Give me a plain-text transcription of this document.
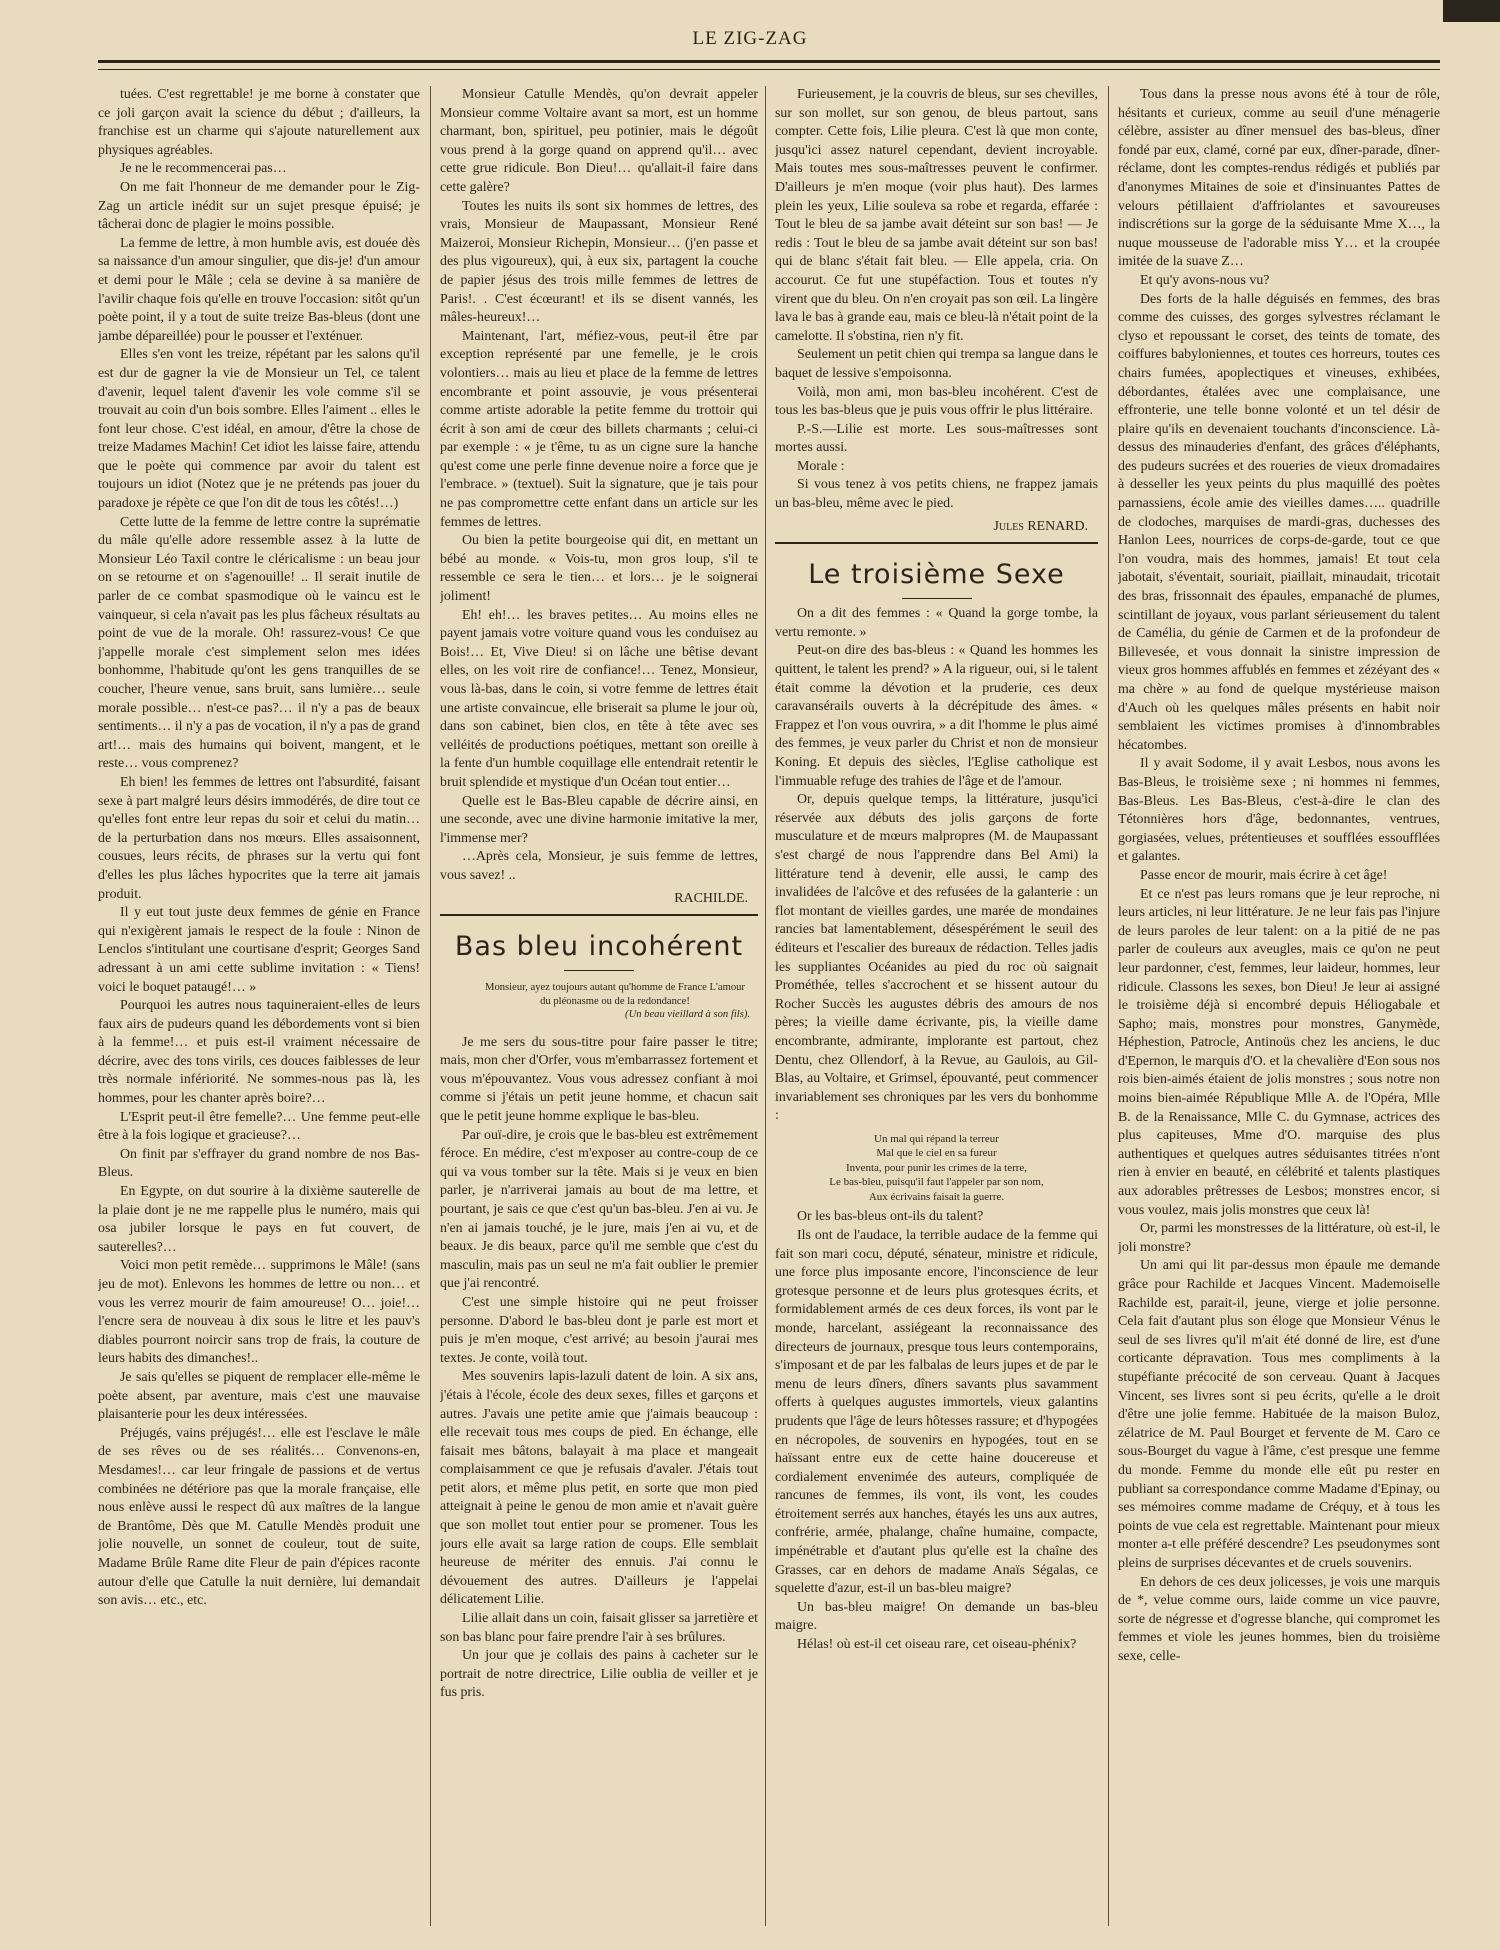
LE ZIG-ZAG

tuées. C'est regrettable! je me borne à constater que ce joli garçon avait la science du début ; d'ailleurs, la franchise est un charme qui s'ajoute naturellement aux physiques agréables.

Je ne le recommencerai pas…

On me fait l'honneur de me demander pour le Zig-Zag un article inédit sur un sujet presque épuisé; je tâcherai donc de plagier le moins possible.

La femme de lettre, à mon humble avis, est douée dès sa naissance d'un amour singulier, que dis-je! d'un amour et demi pour le Mâle ; cela se devine à sa manière de l'avilir chaque fois qu'elle en trouve l'occasion: sitôt qu'un poète point, il y a tout de suite treize Bas-bleus (dont une jambe dépareillée) pour le pousser et l'exténuer.

Elles s'en vont les treize, répétant par les salons qu'il est dur de gagner la vie de Monsieur un Tel, ce talent d'avenir, lequel talent d'avenir les vole comme s'il se trouvait au coin d'un bois sombre. Elles l'aiment .. elles le font leur chose. C'est idéal, en amour, d'être la chose de treize Madames Machin! Cet idiot les laisse faire, attendu que le poète qui commence par avoir du talent est toujours un idiot (Notez que je ne prétends pas jouer du paradoxe je répète ce que l'on dit de tous les côtés!…)

Cette lutte de la femme de lettre contre la suprématie du mâle qu'elle adore ressemble assez à la lutte de Monsieur Léo Taxil contre le cléricalisme : un beau jour on se retourne et on s'agenouille! .. Il serait inutile de parler de ce combat spasmodique où le vaincu est le vainqueur, si cela n'avait pas les plus fâcheux résultats au point de vue de la morale. Oh! rassurez-vous! Ce que j'appelle morale c'est simplement selon mes idées bonhomme, l'habitude qu'ont les gens tranquilles de se coucher, l'heure venue, sans bruit, sans lumière… seule morale possible… n'est-ce pas?… il n'y a pas de beaux sentiments… il n'y a pas de vocation, il n'y a pas de grand art!… mais des humains qui boivent, mangent, et le reste… vous comprenez?

Eh bien! les femmes de lettres ont l'absurdité, faisant sexe à part malgré leurs désirs immodérés, de dire tout ce qu'elles font entre leur repas du soir et celui du matin… de la perturbation dans nos mœurs. Elles assaisonnent, cousues, leurs récits, de phrases sur la vertu qui font d'elles les plus lâches hypocrites que la terre ait jamais produit.

Il y eut tout juste deux femmes de génie en France qui n'exigèrent jamais le respect de la foule : Ninon de Lenclos s'intitulant une courtisane d'esprit; Georges Sand adressant à un ami cette sublime invitation : « Tiens! voici le boquet pataugé!… »

Pourquoi les autres nous taquineraient-elles de leurs faux airs de pudeurs quand les débordements vont si bien à la femme!… et puis est-il vraiment nécessaire de décrire, avec des tons virils, ces douces faiblesses de leur très normale infériorité. Ne sommes-nous pas là, les hommes, pour les chanter après boire?…

L'Esprit peut-il être femelle?… Une femme peut-elle être à la fois logique et gracieuse?…

On finit par s'effrayer du grand nombre de nos Bas-Bleus.

En Egypte, on dut sourire à la dixième sauterelle de la plaie dont je ne me rappelle plus le numéro, mais qui osa jubiler lorsque le pays en fut couvert, de sauterelles?…

Voici mon petit remède… supprimons le Mâle! (sans jeu de mot). Enlevons les hommes de lettre ou non… et vous les verrez mourir de faim amoureuse! O… joie!… l'encre sera de nouveau à dix sous le litre et les pauv's diables pourront noircir sans trop de frais, la couture de leurs habits des dimanches!..

Je sais qu'elles se piquent de remplacer elle-même le poète absent, par aventure, mais c'est une mauvaise plaisanterie pour les deux intéressées.

Préjugés, vains préjugés!… elle est l'esclave le mâle de ses rêves ou de ses réalités… Convenons-en, Mesdames!… car leur fringale de passions et de vertus combinées ne détériore pas que la morale française, elle nous enlève aussi le respect dû aux maîtres de la langue de Brantôme, Dès que M. Catulle Mendès produit une jolie nouvelle, un sonnet de couleur, tout de suite, Madame Brûle Rame dite Fleur de pain d'épices raconte autour d'elle que Catulle la nuit dernière, lui demandait son avis… etc., etc.

Monsieur Catulle Mendès, qu'on devrait appeler Monsieur comme Voltaire avant sa mort, est un homme charmant, bon, spirituel, peu potinier, mais le dégoût vous prend à la gorge quand on apprend qu'il… avec cette grue ridicule. Bon Dieu!… qu'allait-il faire dans cette galère?

Toutes les nuits ils sont six hommes de lettres, des vrais, Monsieur de Maupassant, Monsieur René Maizeroi, Monsieur Richepin, Monsieur… (j'en passe et des plus vigoureux), qui, à eux six, partagent la couche de papier jésus des trois mille femmes de lettres de Paris!. . C'est écœurant! et ils se disent vannés, les mâles-heureux!…

Maintenant, l'art, méfiez-vous, peut-il être par exception représenté par une femelle, je le crois volontiers… mais au lieu et place de la femme de lettres encombrante et point assouvie, je vous présenterai comme artiste adorable la petite femme du trottoir qui écrit à son ami de cœur des billets charmants ; celui-ci par exemple : « je t'ême, tu as un cigne sure la hanche qu'est come une perle finne devenue noire a force que je l'embrace. » (textuel). Suit la signature, que je tais pour ne pas compromettre cette enfant dans un article sur les femmes de lettres.

Ou bien la petite bourgeoise qui dit, en mettant un bébé au monde. « Vois-tu, mon gros loup, s'il te ressemble ce sera le tien… et lors… je le soignerai joliment!

Eh! eh!… les braves petites… Au moins elles ne payent jamais votre voiture quand vous les conduisez au Bois!… Et, Vive Dieu! si on lâche une bêtise devant elles, on les voit rire de confiance!… Tenez, Monsieur, vous là-bas, dans le coin, si votre femme de lettres était une artiste convaincue, elle briserait sa plume le jour où, dans son cabinet, bien clos, en tête à tête avec ses velléités de productions poétiques, mettant son oreille à la fente d'un humble coquillage elle entendrait retentir le bruit splendide et mystique d'un Océan tout entier…

Quelle est le Bas-Bleu capable de décrire ainsi, en une seconde, avec une divine harmonie imitative la mer, l'immense mer?

…Après cela, Monsieur, je suis femme de lettres, vous savez! ..

RACHILDE.

Bas bleu incohérent
Monsieur, ayez toujours autant qu'homme de France L'amour du pléonasme ou de la redondance!
(Un beau vieillard à son fils).

Je me sers du sous-titre pour faire passer le titre; mais, mon cher d'Orfer, vous m'embarrassez fortement et vous m'épouvantez. Vous vous adressez confiant à moi comme si j'étais un petit jeune homme, et chacun sait que le petit jeune homme explique le bas-bleu.

Par ouï-dire, je crois que le bas-bleu est extrêmement féroce. En médire, c'est m'exposer au contre-coup de ce qui va vous tomber sur la tête. Mais si je veux en bien parler, je n'arriverai jamais au bout de ma lettre, et pourtant, je sais ce que c'est qu'un bas-bleu. J'en ai vu. Je n'en ai jamais touché, je le jure, mais j'en ai vu, et de beaux. Je dis beaux, parce qu'il me semble que c'est du masculin, mais pas un seul ne m'a fait oublier le premier que j'ai rencontré.

C'est une simple histoire qui ne peut froisser personne. D'abord le bas-bleu dont je parle est mort et puis je m'en moque, c'est arrivé; au besoin j'aurai mes textes. Je conte, voilà tout.

Mes souvenirs lapis-lazuli datent de loin. A six ans, j'étais à l'école, école des deux sexes, filles et garçons et autres. J'avais une petite amie que j'aimais beaucoup : elle recevait tous mes coups de pied. En échange, elle faisait mes bâtons, balayait à ma place et mangeait complaisamment ce que je refusais d'avaler. J'étais tout petit alors, et même plus petit, en sorte que mon pied atteignait à peine le genou de mon amie et n'avait guère que son mollet tout entier pour se promener. Tous les jours elle avait sa large ration de coups. Elle semblait heureuse de mériter des ennuis. J'ai connu le dévouement des autres. D'ailleurs je l'appelai délicatement Lilie.

Lilie allait dans un coin, faisait glisser sa jarretière et son bas blanc pour faire prendre l'air à ses brûlures.

Un jour que je collais des pains à cacheter sur le portrait de notre directrice, Lilie oublia de veiller et je fus pris.

Furieusement, je la couvris de bleus, sur ses chevilles, sur son mollet, sur son genou, de bleus partout, sans compter. Cette fois, Lilie pleura. C'est là que mon conte, jusqu'ici assez naturel cependant, devient incroyable. Mais toutes mes sous-maîtresses peuvent le confirmer. D'ailleurs je m'en moque (voir plus haut). Des larmes plein les yeux, Lilie souleva sa robe et regarda, effarée : Tout le bleu de sa jambe avait déteint sur son bas! — Je redis : Tout le bleu de sa jambe avait déteint sur son bas! qui de blanc s'était fait bleu. — Elle appela, cria. On accourut. Ce fut une stupéfaction. Tous et toutes n'y virent que du bleu. On n'en croyait pas son œil. La lingère lava le bas à grande eau, mais ce bleu-là n'était point de la camelotte. Il s'obstina, rien n'y fit.

Seulement un petit chien qui trempa sa langue dans le baquet de lessive s'empoisonna.

Voilà, mon ami, mon bas-bleu incohérent. C'est de tous les bas-bleus que je puis vous offrir le plus littéraire.

P.-S.—Lilie est morte. Les sous-maîtresses sont mortes aussi.

Morale :

Si vous tenez à vos petits chiens, ne frappez jamais un bas-bleu, même avec le pied.

Jules RENARD.

Le troisième Sexe

On a dit des femmes : « Quand la gorge tombe, la vertu remonte. »

Peut-on dire des bas-bleus : « Quand les hommes les quittent, le talent les prend? » A la rigueur, oui, si le talent était comme la dévotion et la pruderie, ces deux caravansérails ouverts à la décrépitude des âmes. « Frappez et l'on vous ouvrira, » a dit l'homme le plus aimé des femmes, je veux parler du Christ et non de monsieur Koning. Et depuis des siècles, l'Eglise catholique est l'immuable refuge des trahies de l'âge et de l'amour.

Or, depuis quelque temps, la littérature, jusqu'ici réservée aux débuts des jolis garçons de forte musculature et de mœurs malpropres (M. de Maupassant s'est chargé de nous l'apprendre dans Bel Ami) la littérature tend à devenir, elle aussi, le camp des invalidées de l'alcôve et des refusées de la galanterie : un flot montant de vieilles gardes, une marée de mondaines rancies bat lamentablement, désespérément le seuil des éditeurs et l'escalier des bureaux de rédaction. Telles jadis les suppliantes Océanides au pied du roc où saignait Prométhée, telles s'accrochent et se hissent autour du Rocher Succès les augustes débris des amours de nos pères; la vieille dame écrivante, pis, la vieille dame encombrante, admirante, implorante est partout, chez Dentu, chez Ollendorf, à la Revue, au Gaulois, au Gil-Blas, au Voltaire, et Grimsel, épouvanté, peut commencer invariablement ses chroniques par les vers du bonhomme :

Un mal qui répand la terreur
Mal que le ciel en sa fureur
Inventa, pour punir les crimes de la terre,
Le bas-bleu, puisqu'il faut l'appeler par son nom,
Aux écrivains faisait la guerre.

Or les bas-bleus ont-ils du talent?

Ils ont de l'audace, la terrible audace de la femme qui fait son mari cocu, député, sénateur, ministre et ridicule, une force plus imposante encore, l'inconscience de leur grotesque personne et de leurs plus grotesques écrits, et formidablement armés de ces deux forces, ils vont par le monde, harcelant, assiégeant la reconnaissance des directeurs de journaux, presque tous leurs contemporains, s'imposant et de par les falbalas de leurs jupes et de par le menu de leurs dîners, dîners savants plus savamment offerts à quelques augustes immortels, vieux galantins prudents que l'âge de leurs hôtesses rassure; et d'hypogées en nécropoles, de souvenirs en hypogées, tout en se haïssant entre eux de cette haine doucereuse et cordialement envenimée des auteurs, compliquée de rancunes de femmes, ils vont, ils vont, les coudes étroitement serrés aux hanches, étayés les uns aux autres, confrérie, armée, phalange, chaîne humaine, compacte, impénétrable et d'autant plus qu'elle est la chaîne des Grasses, car en dehors de madame Anaïs Ségalas, ce squelette d'azur, est-il un bas-bleu maigre?

Un bas-bleu maigre! On demande un bas-bleu maigre.

Hélas! où est-il cet oiseau rare, cet oiseau-phénix?

Tous dans la presse nous avons été à tour de rôle, hésitants et curieux, comme au seuil d'une ménagerie célèbre, assister au dîner mensuel des bas-bleus, dîner fondé par eux, clamé, corné par eux, dîner-parade, dîner-réclame, dont les comptes-rendus rédigés et publiés par d'anonymes Mitaines de soie et d'insinuantes Pattes de velours pétillaient d'affriolantes et savoureuses indiscrétions sur la gorge de la séduisante Mme X…, la nuque mousseuse de l'adorable miss Y… et la croupée imitée de la suave Z…

Et qu'y avons-nous vu?

Des forts de la halle déguisés en femmes, des bras comme des cuisses, des gorges sylvestres réclamant le clyso et repoussant le corset, des teints de tomate, des coiffures babyloniennes, et toutes ces horreurs, toutes ces chairs fumées, apoplectiques et vineuses, exhibées, débordantes, étalées avec une complaisance, une effronterie, une telle bonne volonté et un tel désir de plaire qu'ils en devenaient touchants d'inconscience. Là-dessus des minauderies d'enfant, des grâces d'éléphants, des pudeurs sucrées et des roueries de vieux dromadaires à desseller les yeux peints du plus maquillé des poètes parnassiens, école amie des vieilles dames….. quadrille de clodoches, marquises de mardi-gras, duchesses des Hanlon Lees, nourrices de corps-de-garde, tout ce que l'on voudra, mais des hommes, jamais! Et tout cela jabotait, s'éventait, souriait, piaillait, minaudait, tricotait des bras, frissonnait des épaules, empanaché de plumes, scintillant de joyaux, vous parlant sérieusement du talent de Camélia, du génie de Carmen et de la profondeur de Billevesée, et vous donnait la sinistre impression de vieux gros hommes affublés en femmes et zézéyant des « ma chère » au fond de quelque mystérieuse maison d'Auch où les quelques mâles présents en habit noir semblaient les victimes promises à d'innombrables hécatombes.

Il y avait Sodome, il y avait Lesbos, nous avons les Bas-Bleus, le troisième sexe ; ni hommes ni femmes, Bas-Bleus. Les Bas-Bleus, c'est-à-dire le clan des Tétonnières hors d'âge, bedonnantes, ventrues, gorgiasées, velues, prétentieuses et soufflées essoufflées et galantes.

Passe encor de mourir, mais écrire à cet âge!

Et ce n'est pas leurs romans que je leur reproche, ni leurs articles, ni leur littérature. Je ne leur fais pas l'injure de leurs paroles de leur talent: on a la pitié de ne pas parler de couleurs aux aveugles, mais ce qu'on ne peut leur pardonner, c'est, femmes, leur laideur, hommes, leur ridicule. Classons les sexes, bon Dieu! Je leur ai assigné le troisième déjà si encombré depuis Héliogabale et Sapho; mais, monstres pour monstres, Ganymède, Héphestion, Patrocle, Antinoüs chez les anciens, le duc d'Epernon, le marquis d'O. et la chevalière d'Eon sous nos rois bien-aimés étaient de jolis monstres ; sous notre non moins bien-aimée République Mlle A. de l'Opéra, Mlle B. de la Renaissance, Mlle C. du Gymnase, actrices des plus capiteuses, Mme d'O. marquise des plus authentiques et quelques autres séduisantes titrées n'ont rien à envier en beauté, en célébrité et talents plastiques aux adorables prêtresses de Lesbos; monstres encor, si vous voulez, mais jolis monstres que ceux là!

Or, parmi les monstresses de la littérature, où est-il, le joli monstre?

Un ami qui lit par-dessus mon épaule me demande grâce pour Rachilde et Jacques Vincent. Mademoiselle Rachilde est, parait-il, jeune, vierge et jolie personne. Cela fait d'autant plus son éloge que Monsieur Vénus le seul de ses livres qu'il m'ait été donné de lire, est d'une corticante dépravation. Tous mes compliments à la stupéfiante précocité de son cerveau. Quant à Jacques Vincent, ses livres sont si peu écrits, qu'elle a le droit d'être une jolie femme. Habituée de la maison Buloz, zélatrice de M. Paul Bourget et fervente de M. Caro ce sous-Bourget du vague à l'âme, c'est presque une femme du monde. Femme du monde elle eût pu rester en publiant sa correspondance comme Madame d'Epinay, ou ses mémoires comme madame de Créquy, et à tous les points de vue cela est regrettable. Maintenant pour mieux monter a-t elle préféré descendre? Les pseudonymes sont pleins de surprises décevantes et de cruels souvenirs.

En dehors de ces deux jolicesses, je vois une marquis de *, velue comme ours, laide comme un vice pauvre, sorte de négresse et d'ogresse blanche, qui compromet les femmes et viole les jeunes hommes, bien du troisième sexe, celle-
